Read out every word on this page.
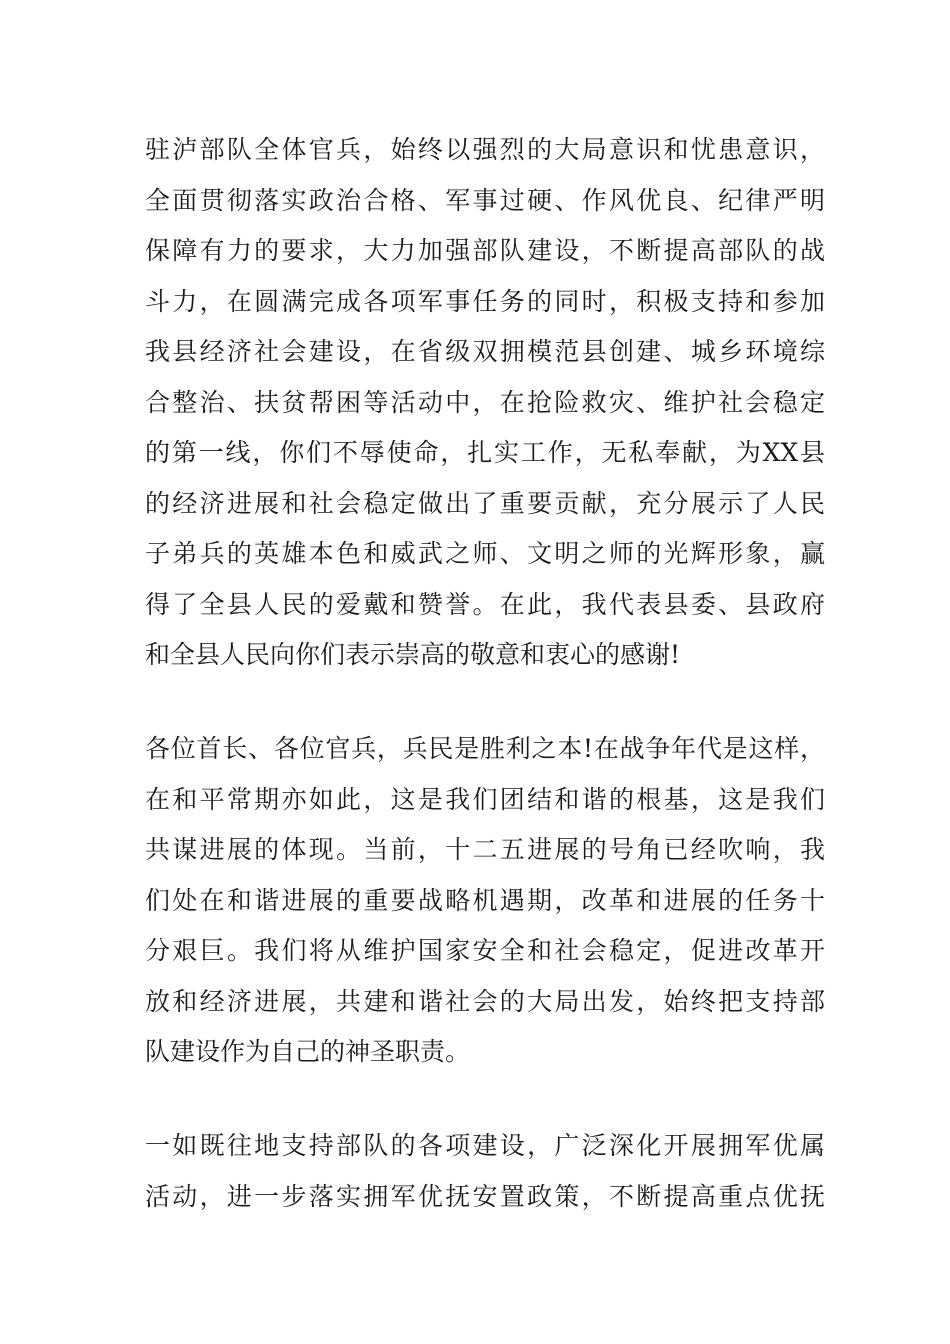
驻泸部队全体官兵，始终以强烈的大局意识和忧患意识，
全面贯彻落实政治合格、军事过硬、作风优良、纪律严明
保障有力的要求，大力加强部队建设，不断提高部队的战
斗力，在圆满完成各项军事任务的同时，积极支持和参加
我县经济社会建设，在省级双拥模范县创建、城乡环境综
合整治、扶贫帮困等活动中，在抢险救灾、维护社会稳定
的第一线，你们不辱使命，扎实工作，无私奉献，为XX县
的经济进展和社会稳定做出了重要贡献，充分展示了人民
子弟兵的英雄本色和威武之师、文明之师的光辉形象，赢
得了全县人民的爱戴和赞誉。在此，我代表县委、县政府
和全县人民向你们表示崇高的敬意和衷心的感谢!
各位首长、各位官兵，兵民是胜利之本!在战争年代是这样，
在和平常期亦如此，这是我们团结和谐的根基，这是我们
共谋进展的体现。当前，十二五进展的号角已经吹响，我
们处在和谐进展的重要战略机遇期，改革和进展的任务十
分艰巨。我们将从维护国家安全和社会稳定，促进改革开
放和经济进展，共建和谐社会的大局出发，始终把支持部
队建设作为自己的神圣职责。
一如既往地支持部队的各项建设，广泛深化开展拥军优属
活动，进一步落实拥军优抚安置政策，不断提高重点优抚
